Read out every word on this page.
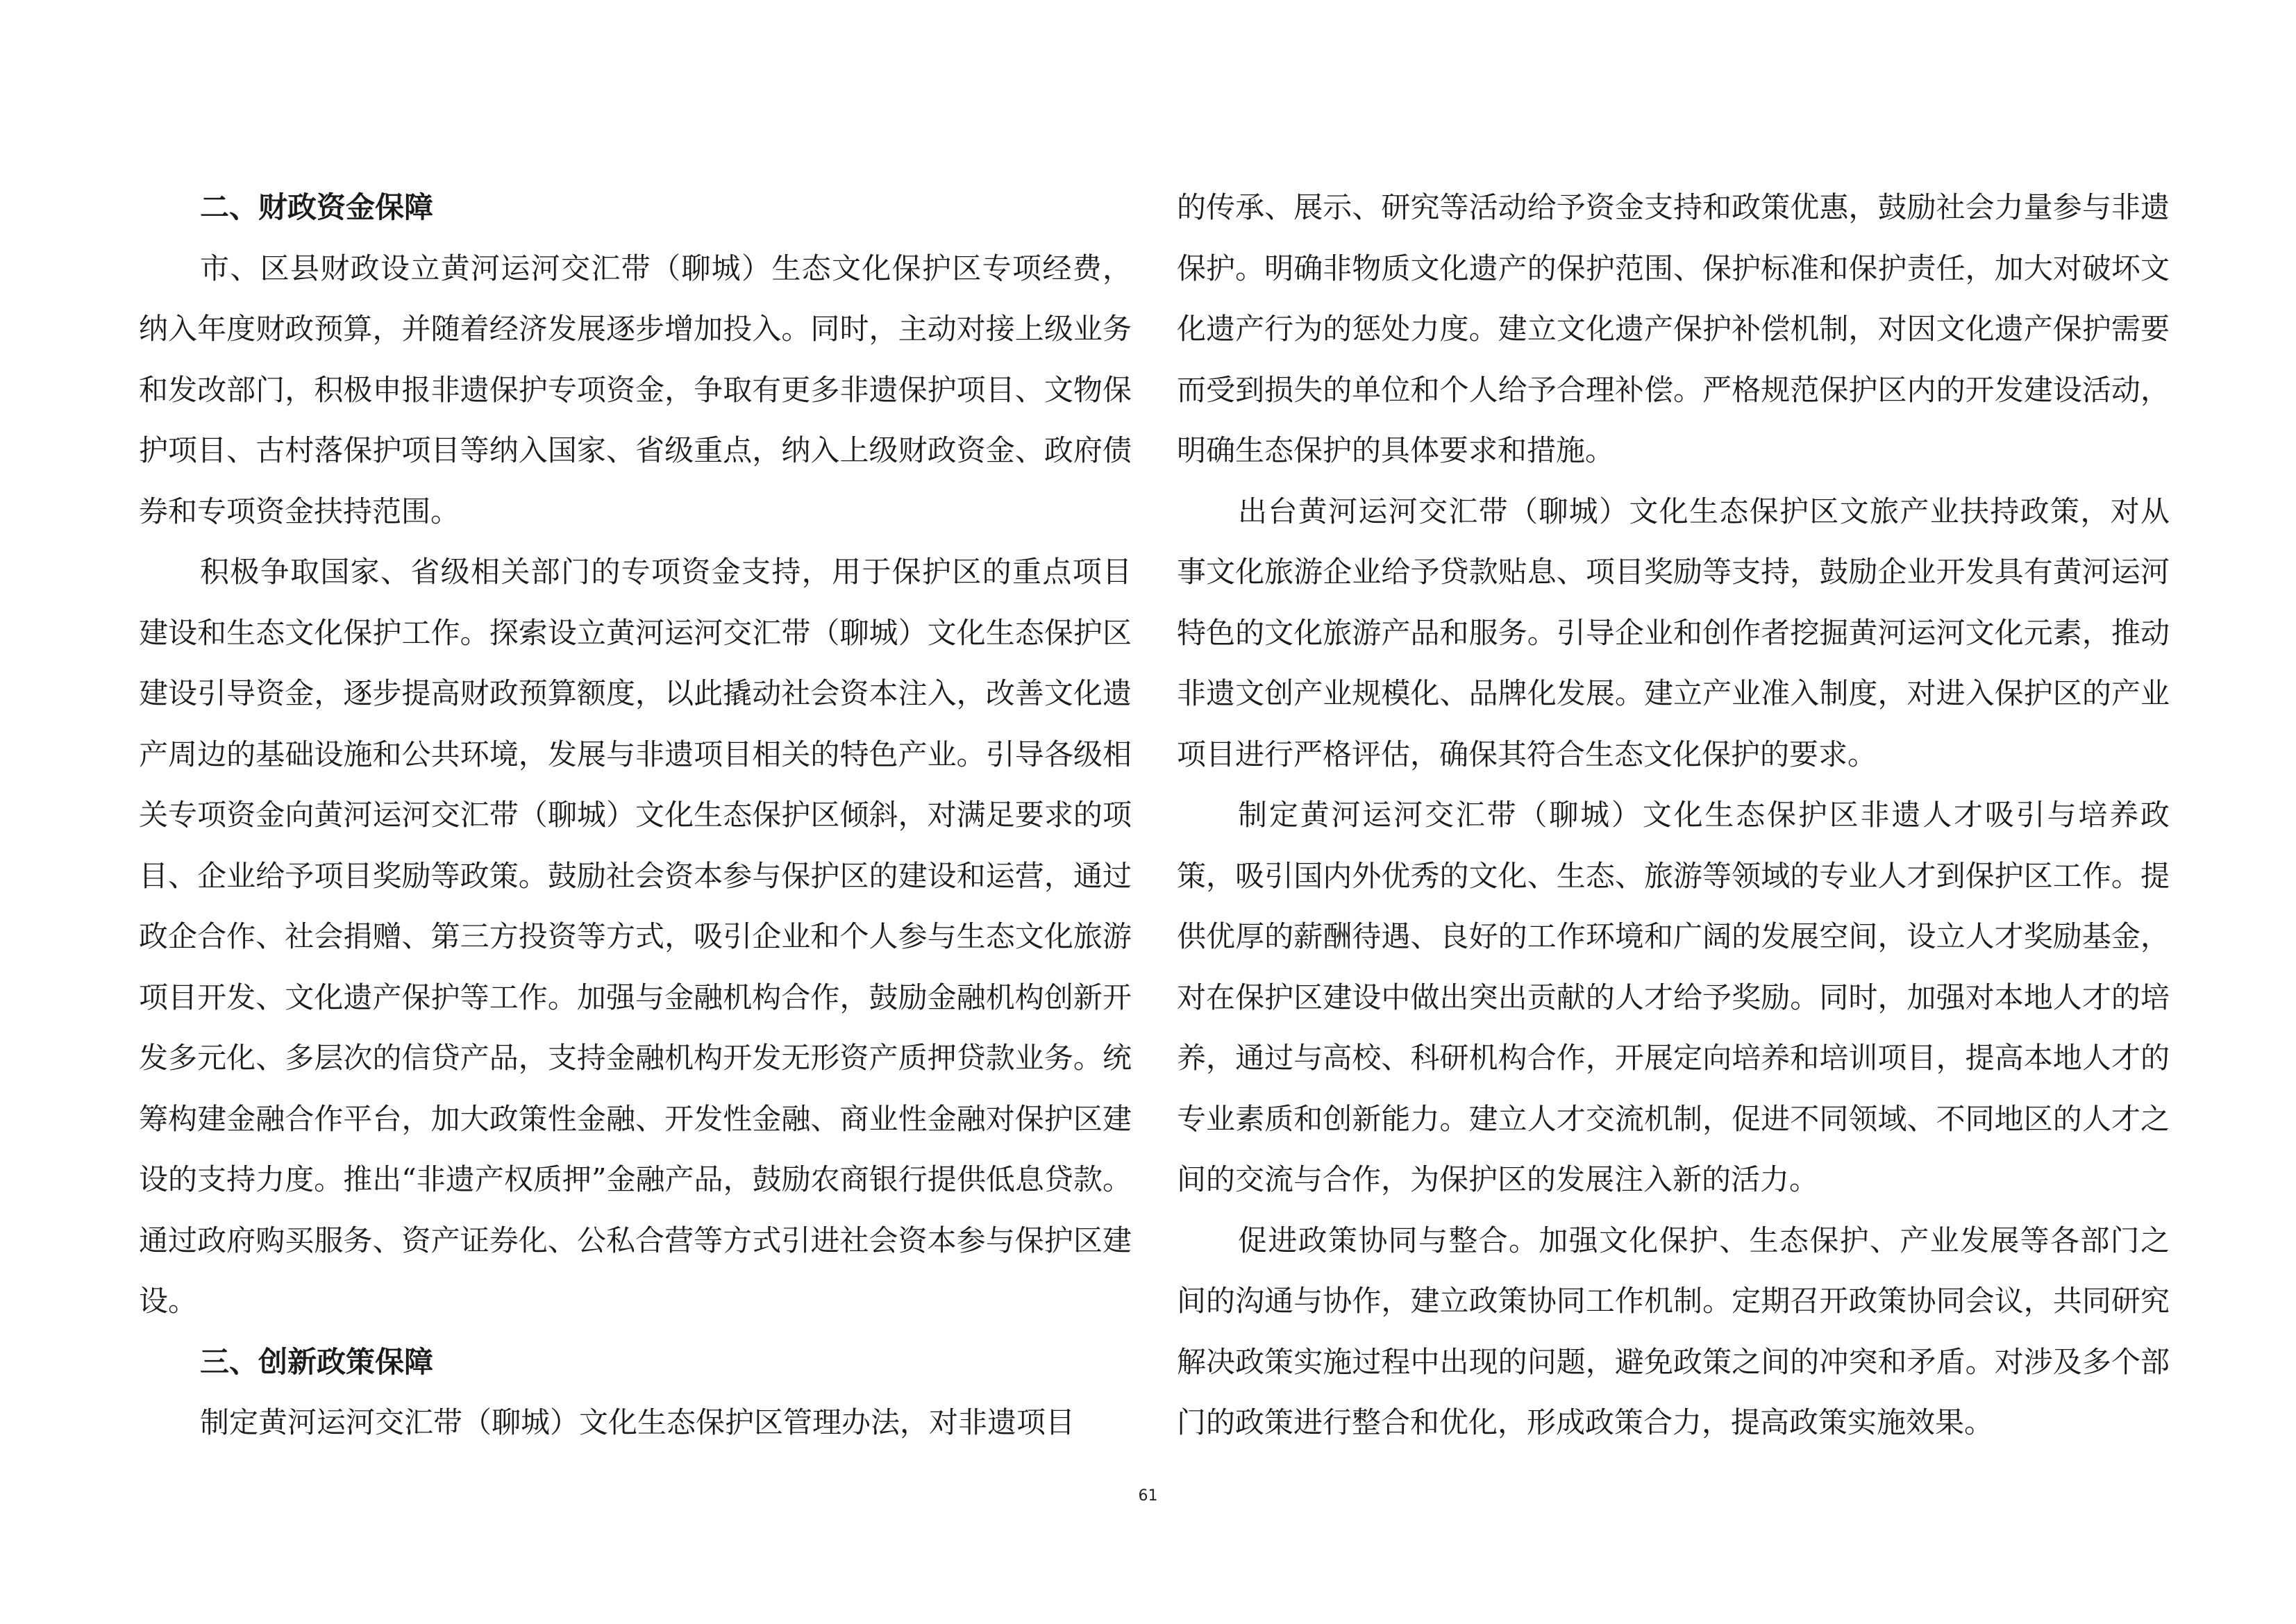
二、财政资金保障

市、区县财政设立黄河运河交汇带（聊城）生态文化保护区专项经费，纳入年度财政预算，并随着经济发展逐步增加投入。同时，主动对接上级业务和发改部门，积极申报非遗保护专项资金，争取有更多非遗保护项目、文物保护项目、古村落保护项目等纳入国家、省级重点，纳入上级财政资金、政府债券和专项资金扶持范围。

积极争取国家、省级相关部门的专项资金支持，用于保护区的重点项目建设和生态文化保护工作。探索设立黄河运河交汇带（聊城）文化生态保护区建设引导资金，逐步提高财政预算额度，以此撬动社会资本注入，改善文化遗产周边的基础设施和公共环境，发展与非遗项目相关的特色产业。引导各级相关专项资金向黄河运河交汇带（聊城）文化生态保护区倾斜，对满足要求的项目、企业给予项目奖励等政策。鼓励社会资本参与保护区的建设和运营，通过政企合作、社会捐赠、第三方投资等方式，吸引企业和个人参与生态文化旅游项目开发、文化遗产保护等工作。加强与金融机构合作，鼓励金融机构创新开发多元化、多层次的信贷产品，支持金融机构开发无形资产质押贷款业务。统筹构建金融合作平台，加大政策性金融、开发性金融、商业性金融对保护区建设的支持力度。推出“非遗产权质押”金融产品，鼓励农商银行提供低息贷款。通过政府购买服务、资产证券化、公私合营等方式引进社会资本参与保护区建设。

三、创新政策保障

制定黄河运河交汇带（聊城）文化生态保护区管理办法，对非遗项目

的传承、展示、研究等活动给予资金支持和政策优惠，鼓励社会力量参与非遗保护。明确非物质文化遗产的保护范围、保护标准和保护责任，加大对破坏文化遗产行为的惩处力度。建立文化遗产保护补偿机制，对因文化遗产保护需要而受到损失的单位和个人给予合理补偿。严格规范保护区内的开发建设活动，明确生态保护的具体要求和措施。

出台黄河运河交汇带（聊城）文化生态保护区文旅产业扶持政策，对从事文化旅游企业给予贷款贴息、项目奖励等支持，鼓励企业开发具有黄河运河特色的文化旅游产品和服务。引导企业和创作者挖掘黄河运河文化元素，推动非遗文创产业规模化、品牌化发展。建立产业准入制度，对进入保护区的产业项目进行严格评估，确保其符合生态文化保护的要求。

制定黄河运河交汇带（聊城）文化生态保护区非遗人才吸引与培养政策，吸引国内外优秀的文化、生态、旅游等领域的专业人才到保护区工作。提供优厚的薪酬待遇、良好的工作环境和广阔的发展空间，设立人才奖励基金，对在保护区建设中做出突出贡献的人才给予奖励。同时，加强对本地人才的培养，通过与高校、科研机构合作，开展定向培养和培训项目，提高本地人才的专业素质和创新能力。建立人才交流机制，促进不同领域、不同地区的人才之间的交流与合作，为保护区的发展注入新的活力。

促进政策协同与整合。加强文化保护、生态保护、产业发展等各部门之间的沟通与协作，建立政策协同工作机制。定期召开政策协同会议，共同研究解决政策实施过程中出现的问题，避免政策之间的冲突和矛盾。对涉及多个部门的政策进行整合和优化，形成政策合力，提高政策实施效果。

61
